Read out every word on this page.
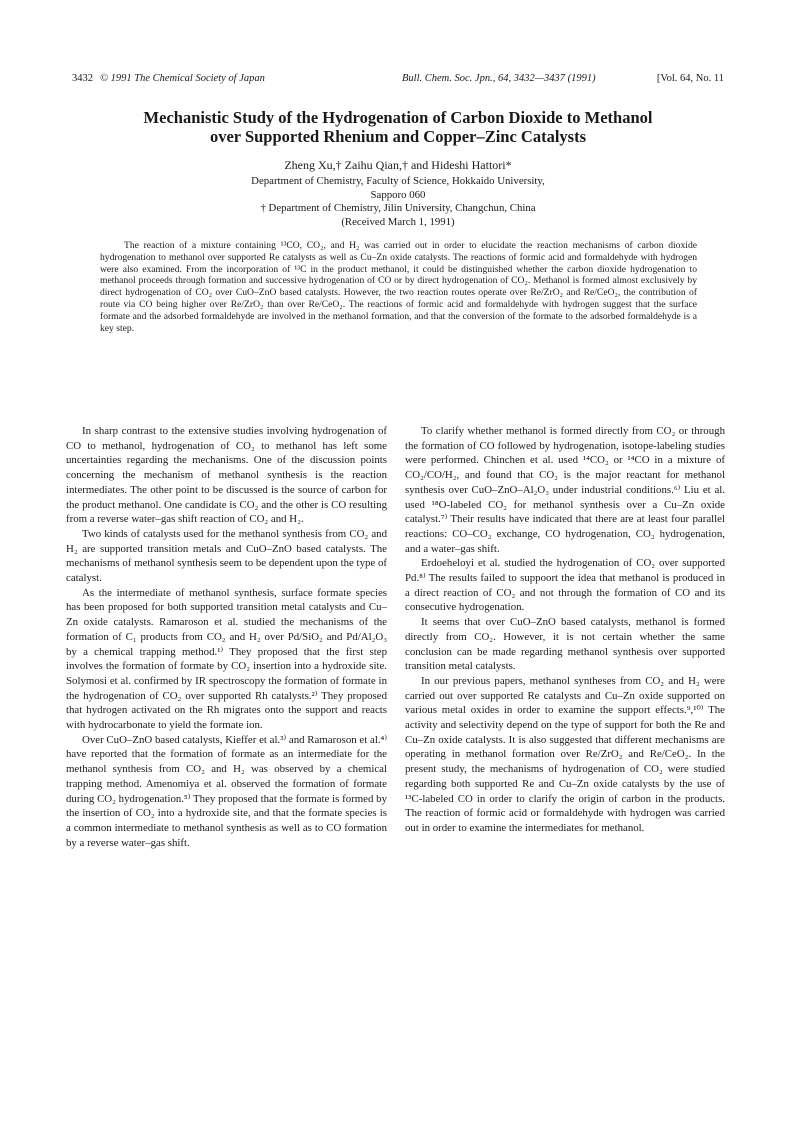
3432 © 1991 The Chemical Society of Japan	Bull. Chem. Soc. Jpn., 64, 3432—3437 (1991)	[Vol. 64, No. 11
Mechanistic Study of the Hydrogenation of Carbon Dioxide to Methanol
over Supported Rhenium and Copper–Zinc Catalysts
Zheng Xu,† Zaihu Qian,† and Hideshi Hattori*
Department of Chemistry, Faculty of Science, Hokkaido University,
Sapporo 060
† Department of Chemistry, Jilin University, Changchun, China
(Received March 1, 1991)

The reaction of a mixture containing ¹³CO, CO₂, and H₂ was carried out in order to elucidate the reaction mechanisms of carbon dioxide hydrogenation to methanol over supported Re catalysts as well as Cu–Zn oxide catalysts. The reactions of formic acid and formaldehyde with hydrogen were also examined. From the incorporation of ¹³C in the product methanol, it could be distinguished whether the carbon dioxide hydrogenation to methanol proceeds through formation and successive hydrogenation of CO or by direct hydrogenation of CO₂. Methanol is formed almost exclusively by direct hydrogenation of CO₂ over CuO–ZnO based catalysts. However, the two reaction routes operate over Re/ZrO₂ and Re/CeO₂, the contribution of route via CO being higher over Re/ZrO₂ than over Re/CeO₂. The reactions of formic acid and formaldehyde with hydrogen suggest that the surface formate and the adsorbed formaldehyde are involved in the methanol formation, and that the conversion of the formate to the adsorbed formaldehyde is a key step.

In sharp contrast to the extensive studies involving hydrogenation of CO to methanol, hydrogenation of CO₂ to methanol has left some uncertainties regarding the mechanisms. One of the discussion points concerning the mechanism of methanol synthesis is the reaction intermediates. The other point to be discussed is the source of carbon for the product methanol. One candidate is CO₂ and the other is CO resulting from a reverse water–gas shift reaction of CO₂ and H₂.

Two kinds of catalysts used for the methanol synthesis from CO₂ and H₂ are supported transition metals and CuO–ZnO based catalysts. The mechanisms of methanol synthesis seem to be dependent upon the type of catalyst.

As the intermediate of methanol synthesis, surface formate species has been proposed for both supported transition metal catalysts and Cu–Zn oxide catalysts. Ramaroson et al. studied the mechanisms of the formation of C₁ products from CO₂ and H₂ over Pd/SiO₂ and Pd/Al₂O₃ by a chemical trapping method.¹⁾ They proposed that the first step involves the formation of formate by CO₂ insertion into a hydroxide site. Solymosi et al. confirmed by IR spectroscopy the formation of formate in the hydrogenation of CO₂ over supported Rh catalysts.²⁾ They proposed that hydrogen activated on the Rh migrates onto the support and reacts with hydrocarbonate to yield the formate ion.

Over CuO–ZnO based catalysts, Kieffer et al.³⁾ and Ramaroson et al.⁴⁾ have reported that the formation of formate as an intermediate for the methanol synthesis from CO₂ and H₂ was observed by a chemical trapping method. Amenomiya et al. observed the formation of formate during CO₂ hydrogenation.⁵⁾ They proposed that the formate is formed by the insertion of CO₂ into a hydroxide site, and that the formate species is a common intermediate to methanol synthesis as well as to CO formation by a reverse water–gas shift.

To clarify whether methanol is formed directly from CO₂ or through the formation of CO followed by hydrogenation, isotope-labeling studies were performed. Chinchen et al. used ¹⁴CO₂ or ¹⁴CO in a mixture of CO₂/CO/H₂, and found that CO₂ is the major reactant for methanol synthesis over CuO–ZnO–Al₂O₃ under industrial conditions.⁶⁾ Liu et al. used ¹⁸O-labeled CO₂ for methanol synthesis over a Cu–Zn oxide catalyst.⁷⁾ Their results have indicated that there are at least four parallel reactions: CO–CO₂ exchange, CO hydrogenation, CO₂ hydrogenation, and a water–gas shift.

Erdoeheloyi et al. studied the hydrogenation of CO₂ over supported Pd.⁸⁾ The results failed to suppoort the idea that methanol is produced in a direct reaction of CO₂ and not through the formation of CO and its consecutive hydrogenation.

It seems that over CuO–ZnO based catalysts, methanol is formed directly from CO₂. However, it is not certain whether the same conclusion can be made regarding methanol synthesis over supported transition metal catalysts.

In our previous papers, methanol syntheses from CO₂ and H₂ were carried out over supported Re catalysts and Cu–Zn oxide supported on various metal oxides in order to examine the support effects.⁹,¹⁰⁾ The activity and selectivity depend on the type of support for both the Re and Cu–Zn oxide catalysts. It is also suggested that different mechanisms are operating in methanol formation over Re/ZrO₂ and Re/CeO₂. In the present study, the mechanisms of hydrogenation of CO₂ were studied regarding both supported Re and Cu–Zn oxide catalysts by the use of ¹³C-labeled CO in order to clarify the origin of carbon in the products. The reaction of formic acid or formaldehyde with hydrogen was carried out in order to examine the intermediates for methanol.
